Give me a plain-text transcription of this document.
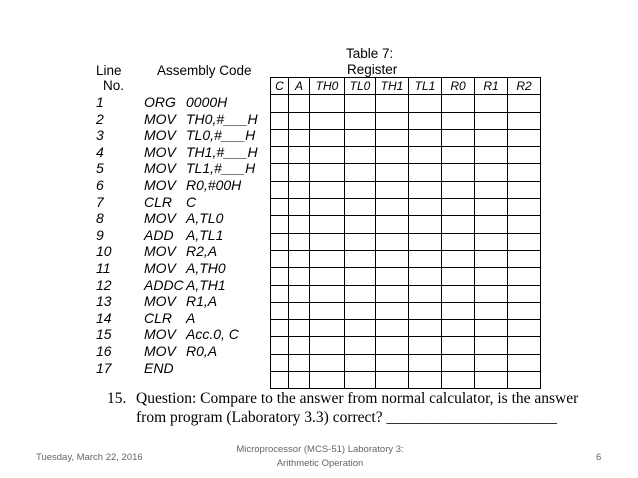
Line
No.
Assembly Code
Table 7:
Register
1	ORG 0000H
2	MOV TH0,#___H
3	MOV TL0,#___H
4	MOV TH1,#___H
5	MOV TL1,#___H
6	MOV R0,#00H
7	CLR C
8	MOV A,TL0
9	ADD A,TL1
10	MOV R2,A
11	MOV A,TH0
12	ADDC A,TH1
13	MOV R1,A
14	CLR A
15	MOV Acc.0, C
16	MOV R0,A
17	END
C	A	TH0	TL0	TH1	TL1	R0	R1	R2

15. Question: Compare to the answer from normal calculator, is the answer
from program (Laboratory 3.3) correct? ______________________
Tuesday, March 22, 2016
Microprocessor (MCS-51) Laboratory 3:
Arithmetic Operation
6
